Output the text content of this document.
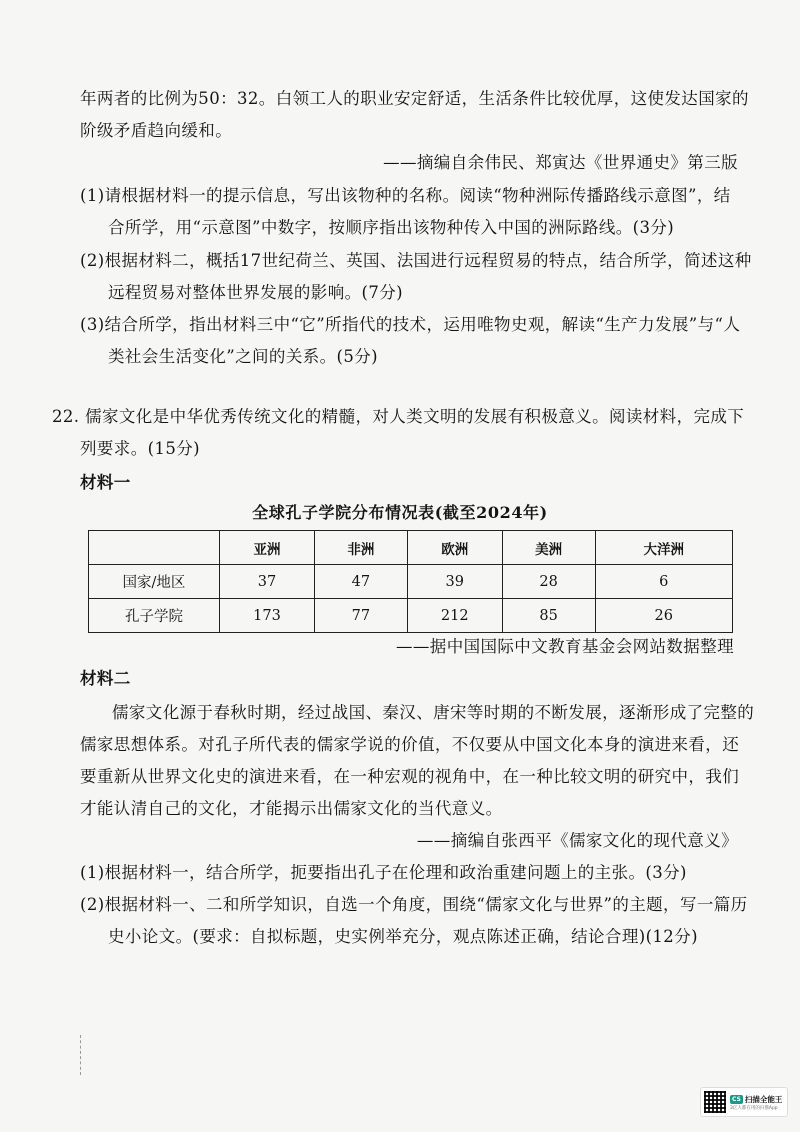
年两者的比例为50：32。白领工人的职业安定舒适，生活条件比较优厚，这使发达国家的
阶级矛盾趋向缓和。
——摘编自余伟民、郑寅达《世界通史》第三版
(1)请根据材料一的提示信息，写出该物种的名称。阅读“物种洲际传播路线示意图”，结
合所学，用“示意图”中数字，按顺序指出该物种传入中国的洲际路线。(3分)
(2)根据材料二，概括17世纪荷兰、英国、法国进行远程贸易的特点，结合所学，简述这种
远程贸易对整体世界发展的影响。(7分)
(3)结合所学，指出材料三中“它”所指代的技术，运用唯物史观，解读“生产力发展”与“人
类社会生活变化”之间的关系。(5分)
22. 儒家文化是中华优秀传统文化的精髓，对人类文明的发展有积极意义。阅读材料，完成下
列要求。(15分)
材料一
全球孔子学院分布情况表(截至2024年)
	亚洲	非洲	欧洲	美洲	大洋洲
国家/地区	37	47	39	28	6
孔子学院	173	77	212	85	26
——据中国国际中文教育基金会网站数据整理
材料二
儒家文化源于春秋时期，经过战国、秦汉、唐宋等时期的不断发展，逐渐形成了完整的
儒家思想体系。对孔子所代表的儒家学说的价值，不仅要从中国文化本身的演进来看，还
要重新从世界文化史的演进来看，在一种宏观的视角中，在一种比较文明的研究中，我们
才能认清自己的文化，才能揭示出儒家文化的当代意义。
——摘编自张西平《儒家文化的现代意义》
(1)根据材料一，结合所学，扼要指出孔子在伦理和政治重建问题上的主张。(3分)
(2)根据材料一、二和所学知识，自选一个角度，围绕“儒家文化与世界”的主题，写一篇历
史小论文。(要求：自拟标题，史实例举充分，观点陈述正确，结论合理)(12分)
CS 扫描全能王
3亿人都在用的扫描App
